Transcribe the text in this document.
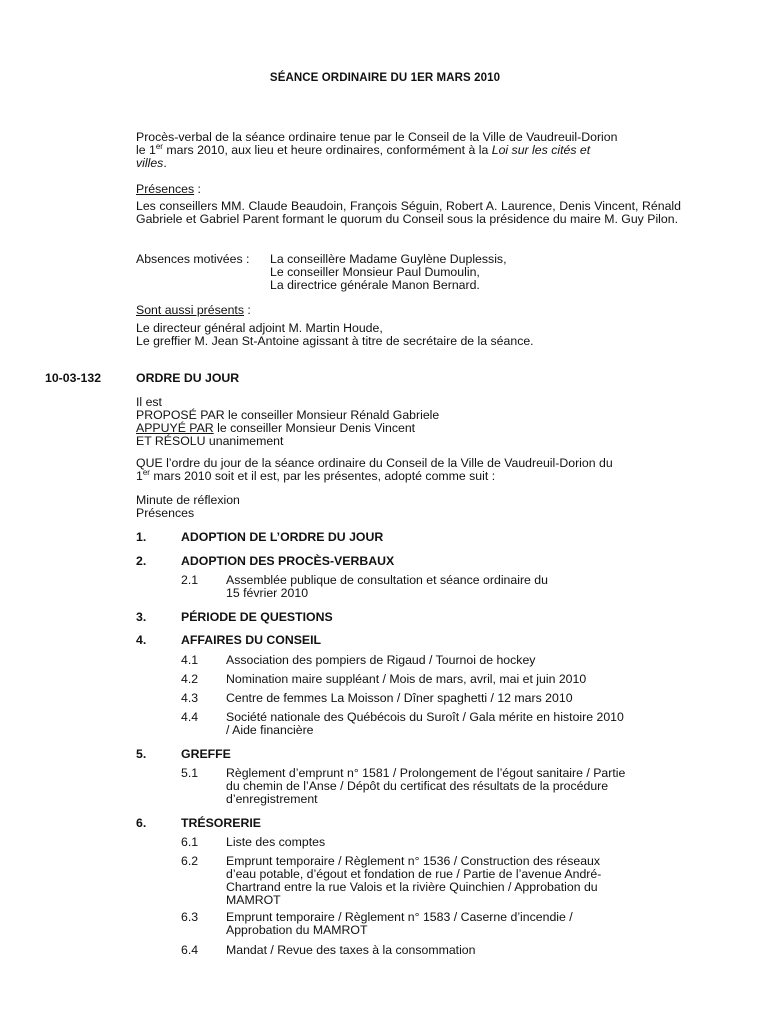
SÉANCE ORDINAIRE DU 1ER MARS 2010

Procès-verbal de la séance ordinaire tenue par le Conseil de la Ville de Vaudreuil-Dorion

le 1er mars 2010, aux lieu et heure ordinaires, conformément à la Loi sur les cités et

villes.

Présences :

Les conseillers MM. Claude Beaudoin, François Séguin, Robert A. Laurence, Denis Vincent, Rénald Gabriele et Gabriel Parent formant le quorum du Conseil sous la présidence du maire M. Guy Pilon.

Absences motivées : La conseillère Madame Guylène Duplessis,
Le conseiller Monsieur Paul Dumoulin,
La directrice générale Manon Bernard.

Sont aussi présents :

Le directeur général adjoint M. Martin Houde,

Le greffier M. Jean St-Antoine agissant à titre de secrétaire de la séance.

10-03-132	ORDRE DU JOUR

Il est

PROPOSÉ PAR le conseiller Monsieur Rénald Gabriele

APPUYÉ PAR le conseiller Monsieur Denis Vincent

ET RÉSOLU unanimement

QUE l’ordre du jour de la séance ordinaire du Conseil de la Ville de Vaudreuil-Dorion du

1er mars 2010 soit et il est, par les présentes, adopté comme suit :

Minute de réflexion

Présences

1.	ADOPTION DE L’ORDRE DU JOUR
2.	ADOPTION DES PROCÈS-VERBAUX
2.1	Assemblée publique de consultation et séance ordinaire du
15 février 2010
3.	PÉRIODE DE QUESTIONS
4.	AFFAIRES DU CONSEIL
4.1	Association des pompiers de Rigaud / Tournoi de hockey
4.2	Nomination maire suppléant / Mois de mars, avril, mai et juin 2010
4.3	Centre de femmes La Moisson / Dîner spaghetti / 12 mars 2010
4.4	Société nationale des Québécois du Suroît / Gala mérite en histoire 2010
/ Aide financière
5.	GREFFE
5.1	Règlement d’emprunt n° 1581 / Prolongement de l’égout sanitaire / Partie
du chemin de l’Anse / Dépôt du certificat des résultats de la procédure
d’enregistrement
6.	TRÉSORERIE
6.1	Liste des comptes
6.2	Emprunt temporaire / Règlement n° 1536 / Construction des réseaux
d’eau potable, d’égout et fondation de rue / Partie de l’avenue André-
Chartrand entre la rue Valois et la rivière Quinchien / Approbation du
MAMROT
6.3	Emprunt temporaire / Règlement n° 1583 / Caserne d’incendie /
Approbation du MAMROT
6.4	Mandat / Revue des taxes à la consommation
